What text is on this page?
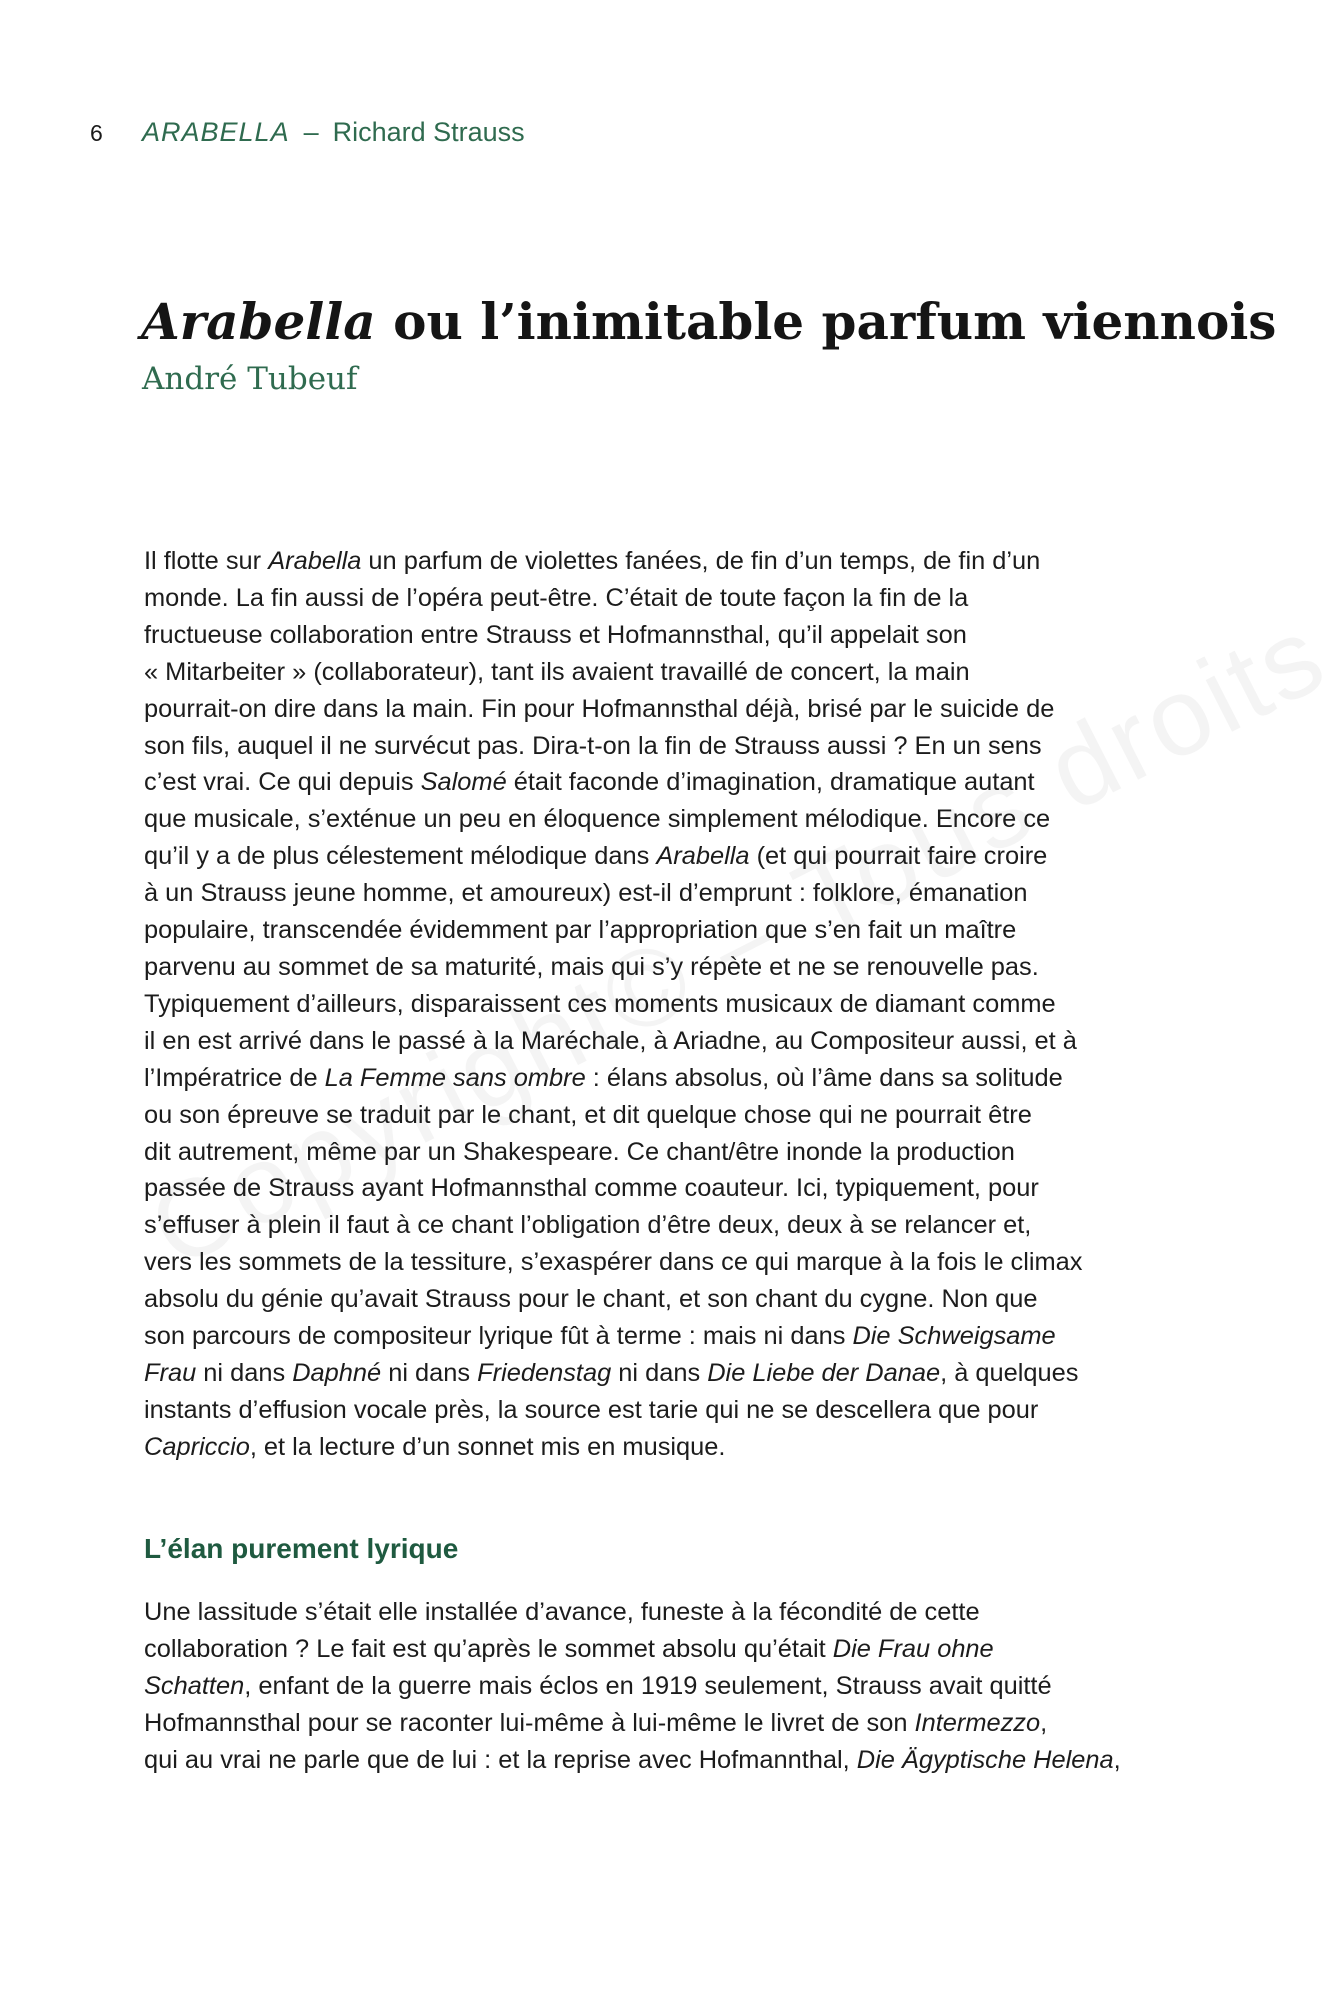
6 ARABELLA – Richard Strauss
Arabella ou l’inimitable parfum viennois

André Tubeuf

Il flotte sur Arabella un parfum de violettes fanées, de fin d’un temps, de fin d’un
monde. La fin aussi de l’opéra peut-être. C’était de toute façon la fin de la
fructueuse collaboration entre Strauss et Hofmannsthal, qu’il appelait son
« Mitarbeiter » (collaborateur), tant ils avaient travaillé de concert, la main
pourrait-on dire dans la main. Fin pour Hofmannsthal déjà, brisé par le suicide de
son fils, auquel il ne survécut pas. Dira-t-on la fin de Strauss aussi ? En un sens
c’est vrai. Ce qui depuis Salomé était faconde d’imagination, dramatique autant
que musicale, s’exténue un peu en éloquence simplement mélodique. Encore ce
qu’il y a de plus célestement mélodique dans Arabella (et qui pourrait faire croire
à un Strauss jeune homme, et amoureux) est-il d’emprunt : folklore, émanation
populaire, transcendée évidemment par l’appropriation que s’en fait un maître
parvenu au sommet de sa maturité, mais qui s’y répète et ne se renouvelle pas.
Typiquement d’ailleurs, disparaissent ces moments musicaux de diamant comme
il en est arrivé dans le passé à la Maréchale, à Ariadne, au Compositeur aussi, et à
l’Impératrice de La Femme sans ombre : élans absolus, où l’âme dans sa solitude
ou son épreuve se traduit par le chant, et dit quelque chose qui ne pourrait être
dit autrement, même par un Shakespeare. Ce chant/être inonde la production
passée de Strauss ayant Hofmannsthal comme coauteur. Ici, typiquement, pour
s’effuser à plein il faut à ce chant l’obligation d’être deux, deux à se relancer et,
vers les sommets de la tessiture, s’exaspérer dans ce qui marque à la fois le climax
absolu du génie qu’avait Strauss pour le chant, et son chant du cygne. Non que
son parcours de compositeur lyrique fût à terme : mais ni dans Die Schweigsame
Frau ni dans Daphné ni dans Friedenstag ni dans Die Liebe der Danae, à quelques
instants d’effusion vocale près, la source est tarie qui ne se descellera que pour
Capriccio, et la lecture d’un sonnet mis en musique.
L’élan purement lyrique
Une lassitude s’était elle installée d’avance, funeste à la fécondité de cette
collaboration ? Le fait est qu’après le sommet absolu qu’était Die Frau ohne
Schatten, enfant de la guerre mais éclos en 1919 seulement, Strauss avait quitté
Hofmannsthal pour se raconter lui-même à lui-même le livret de son Intermezzo,
qui au vrai ne parle que de lui : et la reprise avec Hofmannthal, Die Ägyptische Helena,
